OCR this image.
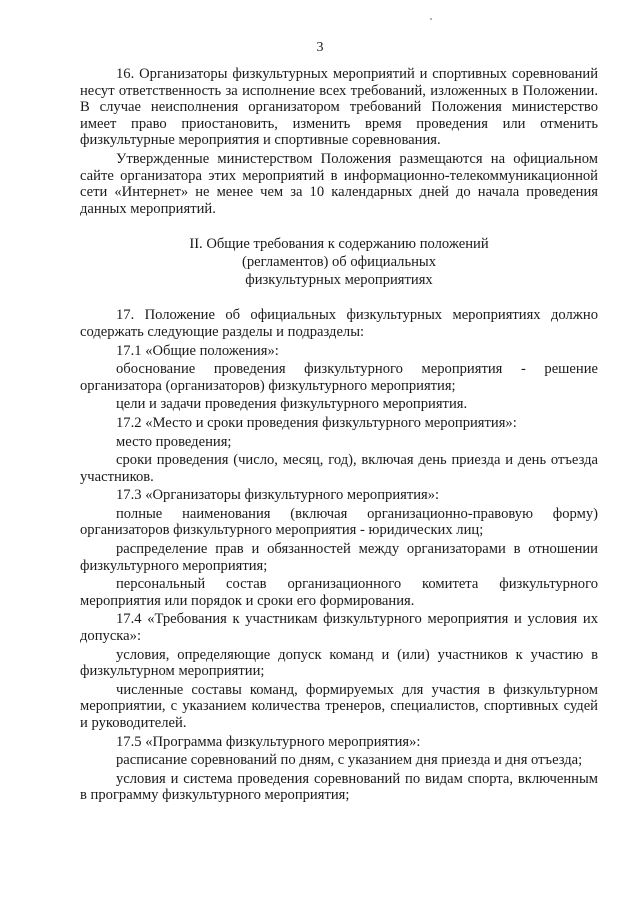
3

16. Организаторы физкультурных мероприятий и спортивных соревнований несут ответственность за исполнение всех требований, изложенных в Положении. В случае неисполнения организатором требований Положения министерство имеет право приостановить, изменить время проведения или отменить физкультурные мероприятия и спортивные соревнования.

Утвержденные министерством Положения размещаются на официальном сайте организатора этих мероприятий в информационно-телекоммуникационной сети «Интернет» не менее чем за 10 календарных дней до начала проведения данных мероприятий.

II. Общие требования к содержанию положений

(регламентов) об официальных

физкультурных мероприятиях

17. Положение об официальных физкультурных мероприятиях должно содержать следующие разделы и подразделы:

17.1 «Общие положения»:

обоснование проведения физкультурного мероприятия - решение организатора (организаторов) физкультурного мероприятия;

цели и задачи проведения физкультурного мероприятия.

17.2 «Место и сроки проведения физкультурного мероприятия»:

место проведения;

сроки проведения (число, месяц, год), включая день приезда и день отъезда участников.

17.3 «Организаторы физкультурного мероприятия»:

полные наименования (включая организационно-правовую форму) организаторов физкультурного мероприятия - юридических лиц;

распределение прав и обязанностей между организаторами в отношении физкультурного мероприятия;

персональный состав организационного комитета физкультурного мероприятия или порядок и сроки его формирования.

17.4 «Требования к участникам физкультурного мероприятия и условия их допуска»:

условия, определяющие допуск команд и (или) участников к участию в физкультурном мероприятии;

численные составы команд, формируемых для участия в физкультурном мероприятии, с указанием количества тренеров, специалистов, спортивных судей и руководителей.

17.5 «Программа физкультурного мероприятия»:

расписание соревнований по дням, с указанием дня приезда и дня отъезда;

условия и система проведения соревнований по видам спорта, включенным в программу физкультурного мероприятия;
